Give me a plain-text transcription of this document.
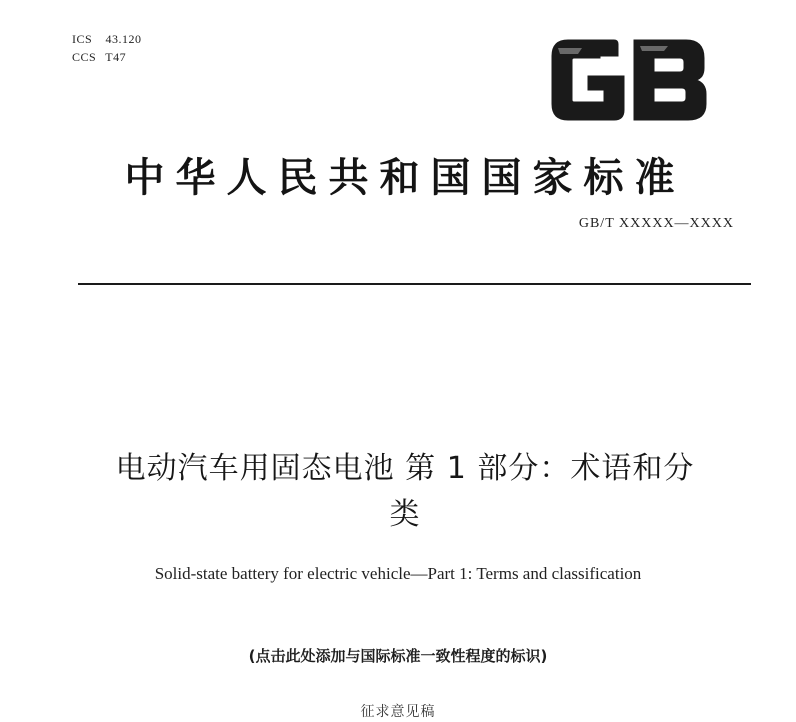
ICS 43.120
CCS T47
中华人民共和国国家标准
GB/T XXXXX—XXXX
电动汽车用固态电池 第 1 部分：术语和分
类
Solid-state battery for electric vehicle—Part 1: Terms and classification
(点击此处添加与国际标准一致性程度的标识)
征求意见稿
